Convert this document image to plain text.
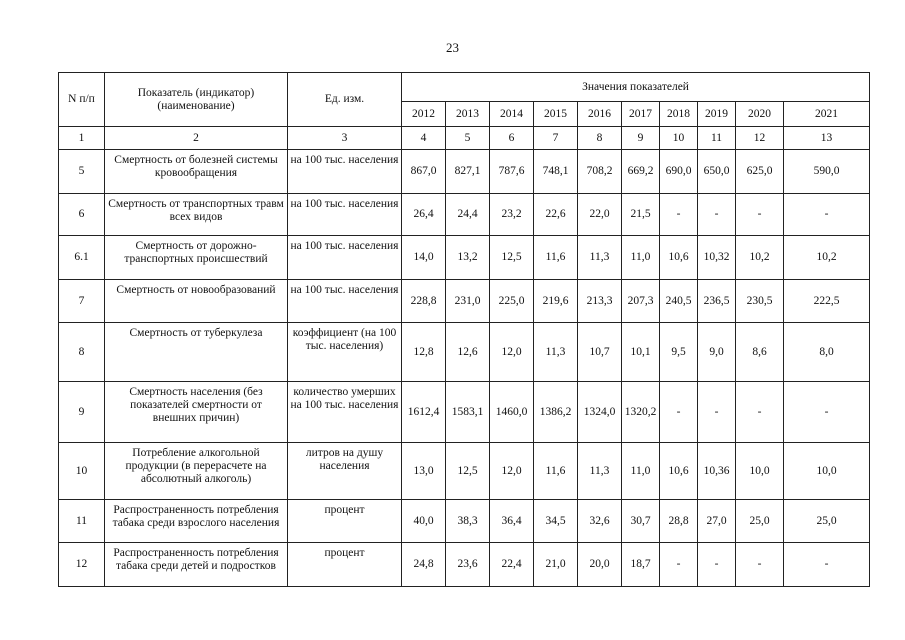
23
N п/п	Показатель (индикатор) (наименование)	Ед. изм.	Значения показателей									
			2012	2013	2014	2015	2016	2017	2018	2019	2020	2021
1	2	3	4	5	6	7	8	9	10	11	12	13
5	Смертность от болезней системы кровообращения	на 100 тыс. населения	867,0	827,1	787,6	748,1	708,2	669,2	690,0	650,0	625,0	590,0
6	Смертность от транспортных травм всех видов	на 100 тыс. населения	26,4	24,4	23,2	22,6	22,0	21,5	-	-	-	-
6.1	Смертность от дорожно-транспортных происшествий	на 100 тыс. населения	14,0	13,2	12,5	11,6	11,3	11,0	10,6	10,32	10,2	10,2
7	Смертность от новообразований	на 100 тыс. населения	228,8	231,0	225,0	219,6	213,3	207,3	240,5	236,5	230,5	222,5
8	Смертность от туберкулеза	коэффициент (на 100 тыс. населения)	12,8	12,6	12,0	11,3	10,7	10,1	9,5	9,0	8,6	8,0
9	Смертность населения (без показателей смертности от внешних причин)	количество умерших на 100 тыс. населения	1612,4	1583,1	1460,0	1386,2	1324,0	1320,2	-	-	-	-
10	Потребление алкогольной продукции (в перерасчете на абсолютный алкоголь)	литров на душу населения	13,0	12,5	12,0	11,6	11,3	11,0	10,6	10,36	10,0	10,0
11	Распространенность потребления табака среди взрослого населения	процент	40,0	38,3	36,4	34,5	32,6	30,7	28,8	27,0	25,0	25,0
12	Распространенность потребления табака среди детей и подростков	процент	24,8	23,6	22,4	21,0	20,0	18,7	-	-	-	-
